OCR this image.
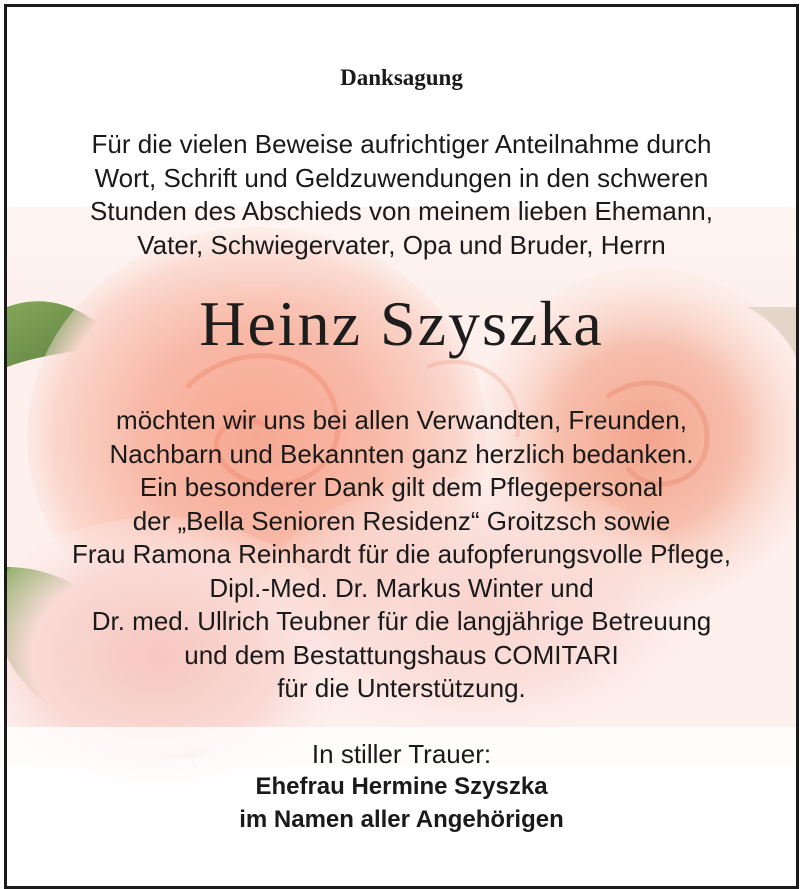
Danksagung
Für die vielen Beweise aufrichtiger Anteilnahme durch
Wort, Schrift und Geldzuwendungen in den schweren
Stunden des Abschieds von meinem lieben Ehemann,
Vater, Schwiegervater, Opa und Bruder, Herrn
Heinz Szyszka
möchten wir uns bei allen Verwandten, Freunden,
Nachbarn und Bekannten ganz herzlich bedanken.
Ein besonderer Dank gilt dem Pflegepersonal
der „Bella Senioren Residenz“ Groitzsch sowie
Frau Ramona Reinhardt für die aufopferungsvolle Pflege,
Dipl.-Med. Dr. Markus Winter und
Dr. med. Ullrich Teubner für die langjährige Betreuung
und dem Bestattungshaus COMITARI
für die Unterstützung.
In stiller Trauer:
Ehefrau Hermine Szyszka
im Namen aller Angehörigen
